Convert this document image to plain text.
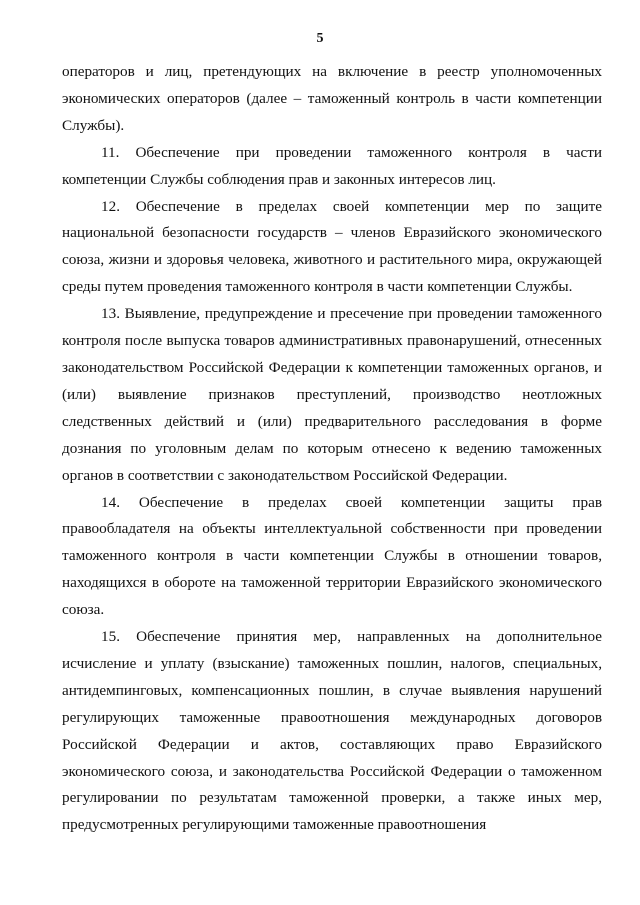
5

операторов и лиц, претендующих на включение в реестр уполномоченных экономических операторов (далее – таможенный контроль в части компетенции Службы).

11. Обеспечение при проведении таможенного контроля в части компетенции Службы соблюдения прав и законных интересов лиц.

12. Обеспечение в пределах своей компетенции мер по защите национальной безопасности государств – членов Евразийского экономического союза, жизни и здоровья человека, животного и растительного мира, окружающей среды путем проведения таможенного контроля в части компетенции Службы.

13. Выявление, предупреждение и пресечение при проведении таможенного контроля после выпуска товаров административных правонарушений, отнесенных законодательством Российской Федерации к компетенции таможенных органов, и (или) выявление признаков преступлений, производство неотложных следственных действий и (или) предварительного расследования в форме дознания по уголовным делам по которым отнесено к ведению таможенных органов в соответствии с законодательством Российской Федерации.

14. Обеспечение в пределах своей компетенции защиты прав правообладателя на объекты интеллектуальной собственности при проведении таможенного контроля в части компетенции Службы в отношении товаров, находящихся в обороте на таможенной территории Евразийского экономического союза.

15. Обеспечение принятия мер, направленных на дополнительное исчисление и уплату (взыскание) таможенных пошлин, налогов, специальных, антидемпинговых, компенсационных пошлин, в случае выявления нарушений регулирующих таможенные правоотношения международных договоров Российской Федерации и актов, составляющих право Евразийского экономического союза, и законодательства Российской Федерации о таможенном регулировании по результатам таможенной проверки, а также иных мер, предусмотренных регулирующими таможенные правоотношения
